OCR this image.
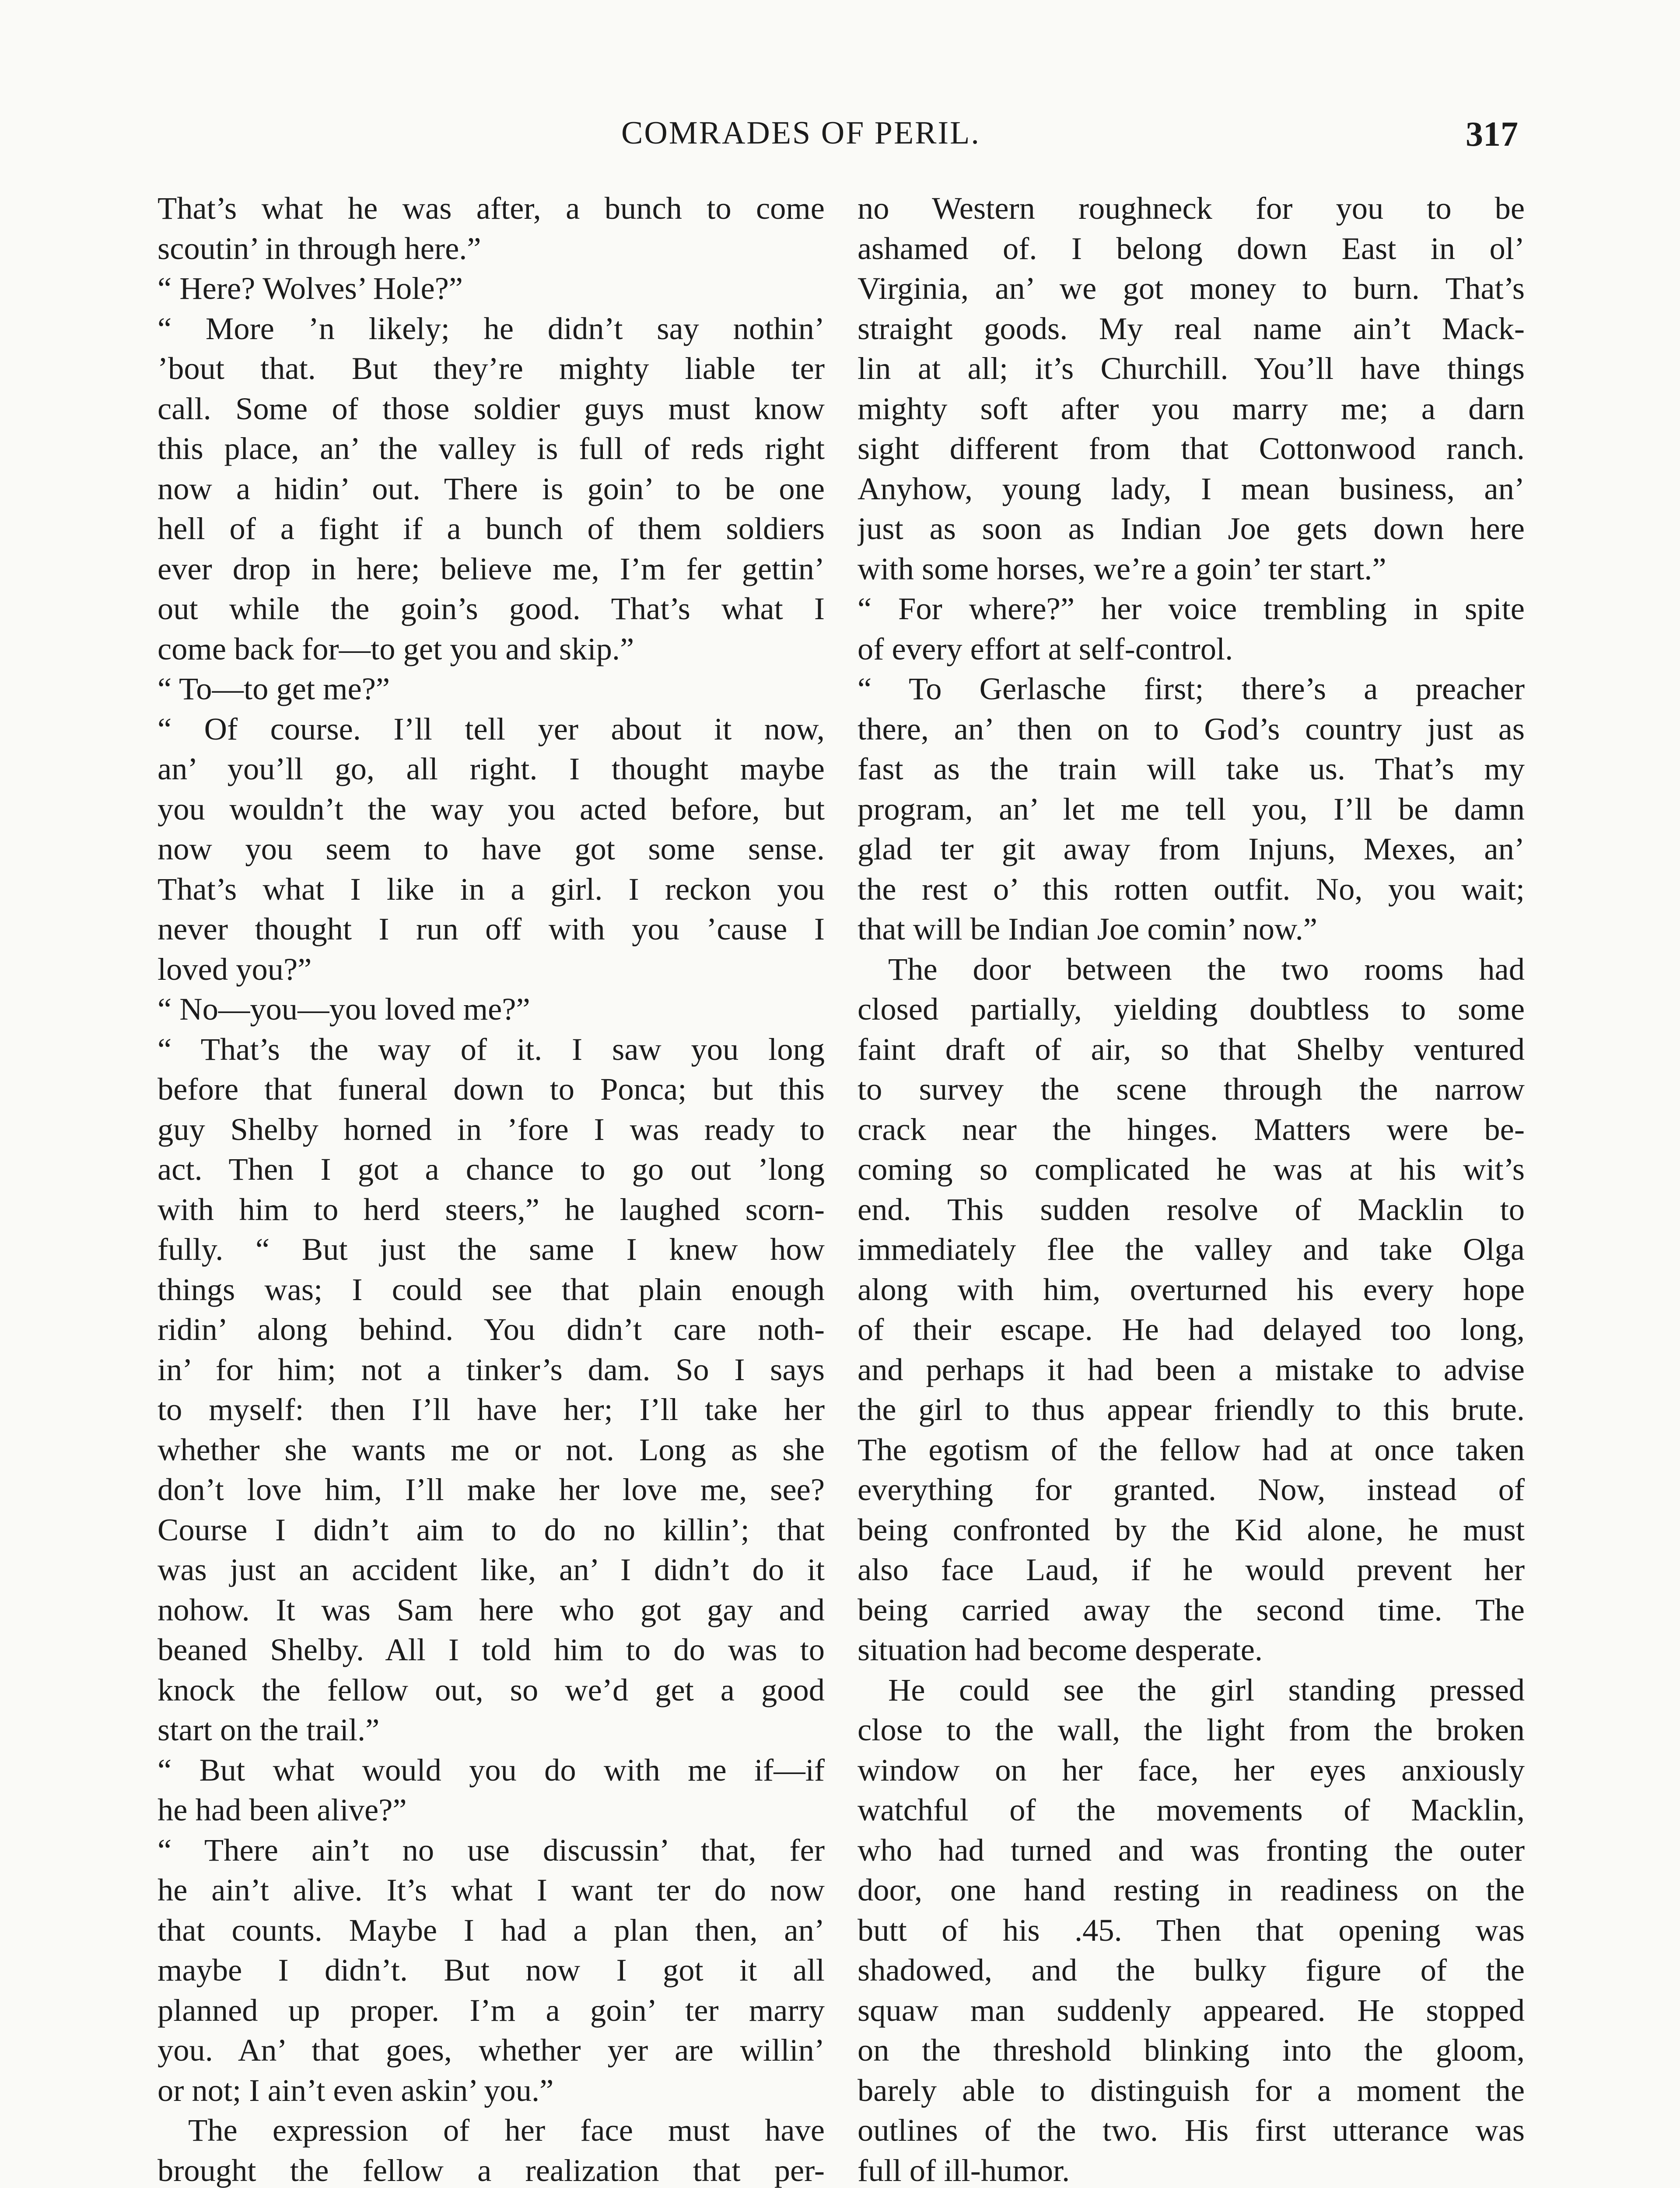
COMRADES OF PERIL.	317
That’s what he was after, a bunch to come
scoutin’ in through here.”
“ Here? Wolves’ Hole?”
“ More ’n likely; he didn’t say nothin’
’bout that. But they’re mighty liable ter
call. Some of those soldier guys must know
this place, an’ the valley is full of reds right
now a hidin’ out. There is goin’ to be one
hell of a fight if a bunch of them soldiers
ever drop in here; believe me, I’m fer gettin’
out while the goin’s good. That’s what I
come back for—to get you and skip.”
“ To—to get me?”
“ Of course. I’ll tell yer about it now,
an’ you’ll go, all right. I thought maybe
you wouldn’t the way you acted before, but
now you seem to have got some sense.
That’s what I like in a girl. I reckon you
never thought I run off with you ’cause I
loved you?”
“ No—you—you loved me?”
“ That’s the way of it. I saw you long
before that funeral down to Ponca; but this
guy Shelby horned in ’fore I was ready to
act. Then I got a chance to go out ’long
with him to herd steers,” he laughed scorn-
fully. “ But just the same I knew how
things was; I could see that plain enough
ridin’ along behind. You didn’t care noth-
in’ for him; not a tinker’s dam. So I says
to myself: then I’ll have her; I’ll take her
whether she wants me or not. Long as she
don’t love him, I’ll make her love me, see?
Course I didn’t aim to do no killin’; that
was just an accident like, an’ I didn’t do it
nohow. It was Sam here who got gay and
beaned Shelby. All I told him to do was to
knock the fellow out, so we’d get a good
start on the trail.”
“ But what would you do with me if—if
he had been alive?”
“ There ain’t no use discussin’ that, fer
he ain’t alive. It’s what I want ter do now
that counts. Maybe I had a plan then, an’
maybe I didn’t. But now I got it all
planned up proper. I’m a goin’ ter marry
you. An’ that goes, whether yer are willin’
or not; I ain’t even askin’ you.”
The expression of her face must have
brought the fellow a realization that per-
no Western roughneck for you to be
ashamed of. I belong down East in ol’
Virginia, an’ we got money to burn. That’s
straight goods. My real name ain’t Mack-
lin at all; it’s Churchill. You’ll have things
mighty soft after you marry me; a darn
sight different from that Cottonwood ranch.
Anyhow, young lady, I mean business, an’
just as soon as Indian Joe gets down here
with some horses, we’re a goin’ ter start.”
“ For where?” her voice trembling in spite
of every effort at self-control.
“ To Gerlasche first; there’s a preacher
there, an’ then on to God’s country just as
fast as the train will take us. That’s my
program, an’ let me tell you, I’ll be damn
glad ter git away from Injuns, Mexes, an’
the rest o’ this rotten outfit. No, you wait;
that will be Indian Joe comin’ now.”
The door between the two rooms had
closed partially, yielding doubtless to some
faint draft of air, so that Shelby ventured
to survey the scene through the narrow
crack near the hinges. Matters were be-
coming so complicated he was at his wit’s
end. This sudden resolve of Macklin to
immediately flee the valley and take Olga
along with him, overturned his every hope
of their escape. He had delayed too long,
and perhaps it had been a mistake to advise
the girl to thus appear friendly to this brute.
The egotism of the fellow had at once taken
everything for granted. Now, instead of
being confronted by the Kid alone, he must
also face Laud, if he would prevent her
being carried away the second time. The
situation had become desperate.
He could see the girl standing pressed
close to the wall, the light from the broken
window on her face, her eyes anxiously
watchful of the movements of Macklin,
who had turned and was fronting the outer
door, one hand resting in readiness on the
butt of his .45. Then that opening was
shadowed, and the bulky figure of the
squaw man suddenly appeared. He stopped
on the threshold blinking into the gloom,
barely able to distinguish for a moment the
outlines of the two. His first utterance was
full of ill-humor.
